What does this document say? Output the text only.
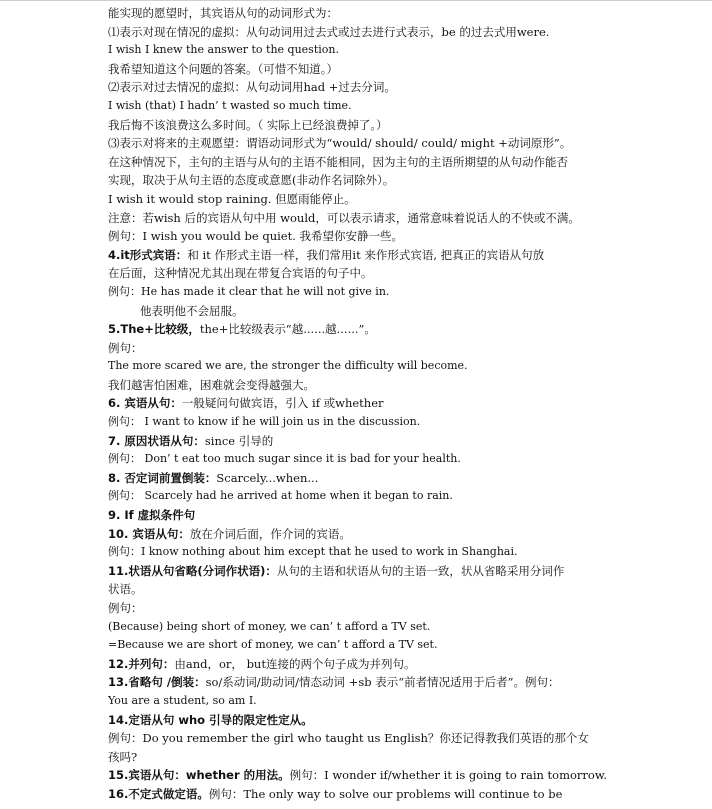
能实现的愿望时，其宾语从句的动词形式为：
⑴表示对现在情况的虚拟：从句动词用过去式或过去进行式表示，be 的过去式用were.
I wish I knew the answer to the question.
我希望知道这个问题的答案。（可惜不知道。）
⑵表示对过去情况的虚拟：从句动词用had +过去分词。
I wish (that) I hadn’ t wasted so much time.
我后悔不该浪费这么多时间。（ 实际上已经浪费掉了。）
⑶表示对将来的主观愿望：谓语动词形式为“would/ should/ could/ might +动词原形”。
在这种情况下，主句的主语与从句的主语不能相同，因为主句的主语所期望的从句动作能否
实现，取决于从句主语的态度或意愿(非动作名词除外）。
I wish it would stop raining. 但愿雨能停止。
注意：若wish 后的宾语从句中用 would，可以表示请求，通常意味着说话人的不快或不满。
例句：I wish you would be quiet. 我希望你安静一些。
4.it形式宾语：和 it 作形式主语一样，我们常用it 来作形式宾语, 把真正的宾语从句放
在后面，这种情况尤其出现在带复合宾语的句子中。
例句：He has made it clear that he will not give in.
他表明他不会屈服。
5.The+比较级，the+比较级表示“越......越......”。
例句：
The more scared we are, the stronger the difficulty will become.
我们越害怕困难，困难就会变得越强大。
6. 宾语从句：一般疑问句做宾语，引入 if 或whether
例句： I want to know if he will join us in the discussion.
7. 原因状语从句：since 引导的
例句： Don’ t eat too much sugar since it is bad for your health.
8. 否定词前置倒装：Scarcely...when...
例句： Scarcely had he arrived at home when it began to rain.
9. If 虚拟条件句
10. 宾语从句：放在介词后面，作介词的宾语。
例句：I know nothing about him except that he used to work in Shanghai.
11.状语从句省略(分词作状语)：从句的主语和状语从句的主语一致，状从省略采用分词作
状语。
例句：
(Because) being short of money, we can’ t afford a TV set.
=Because we are short of money, we can’ t afford a TV set.
12.并列句：由and，or， but连接的两个句子成为并列句。
13.省略句 /倒装：so/系动词/助动词/情态动词 +sb 表示“前者情况适用于后者”。例句：
You are a student, so am I.
14.定语从句 who 引导的限定性定从。
例句：Do you remember the girl who taught us English？你还记得教我们英语的那个女
孩吗?
15.宾语从句：whether 的用法。例句：I wonder if/whether it is going to rain tomorrow.
16.不定式做定语。例句：The only way to solve our problems will continue to be
